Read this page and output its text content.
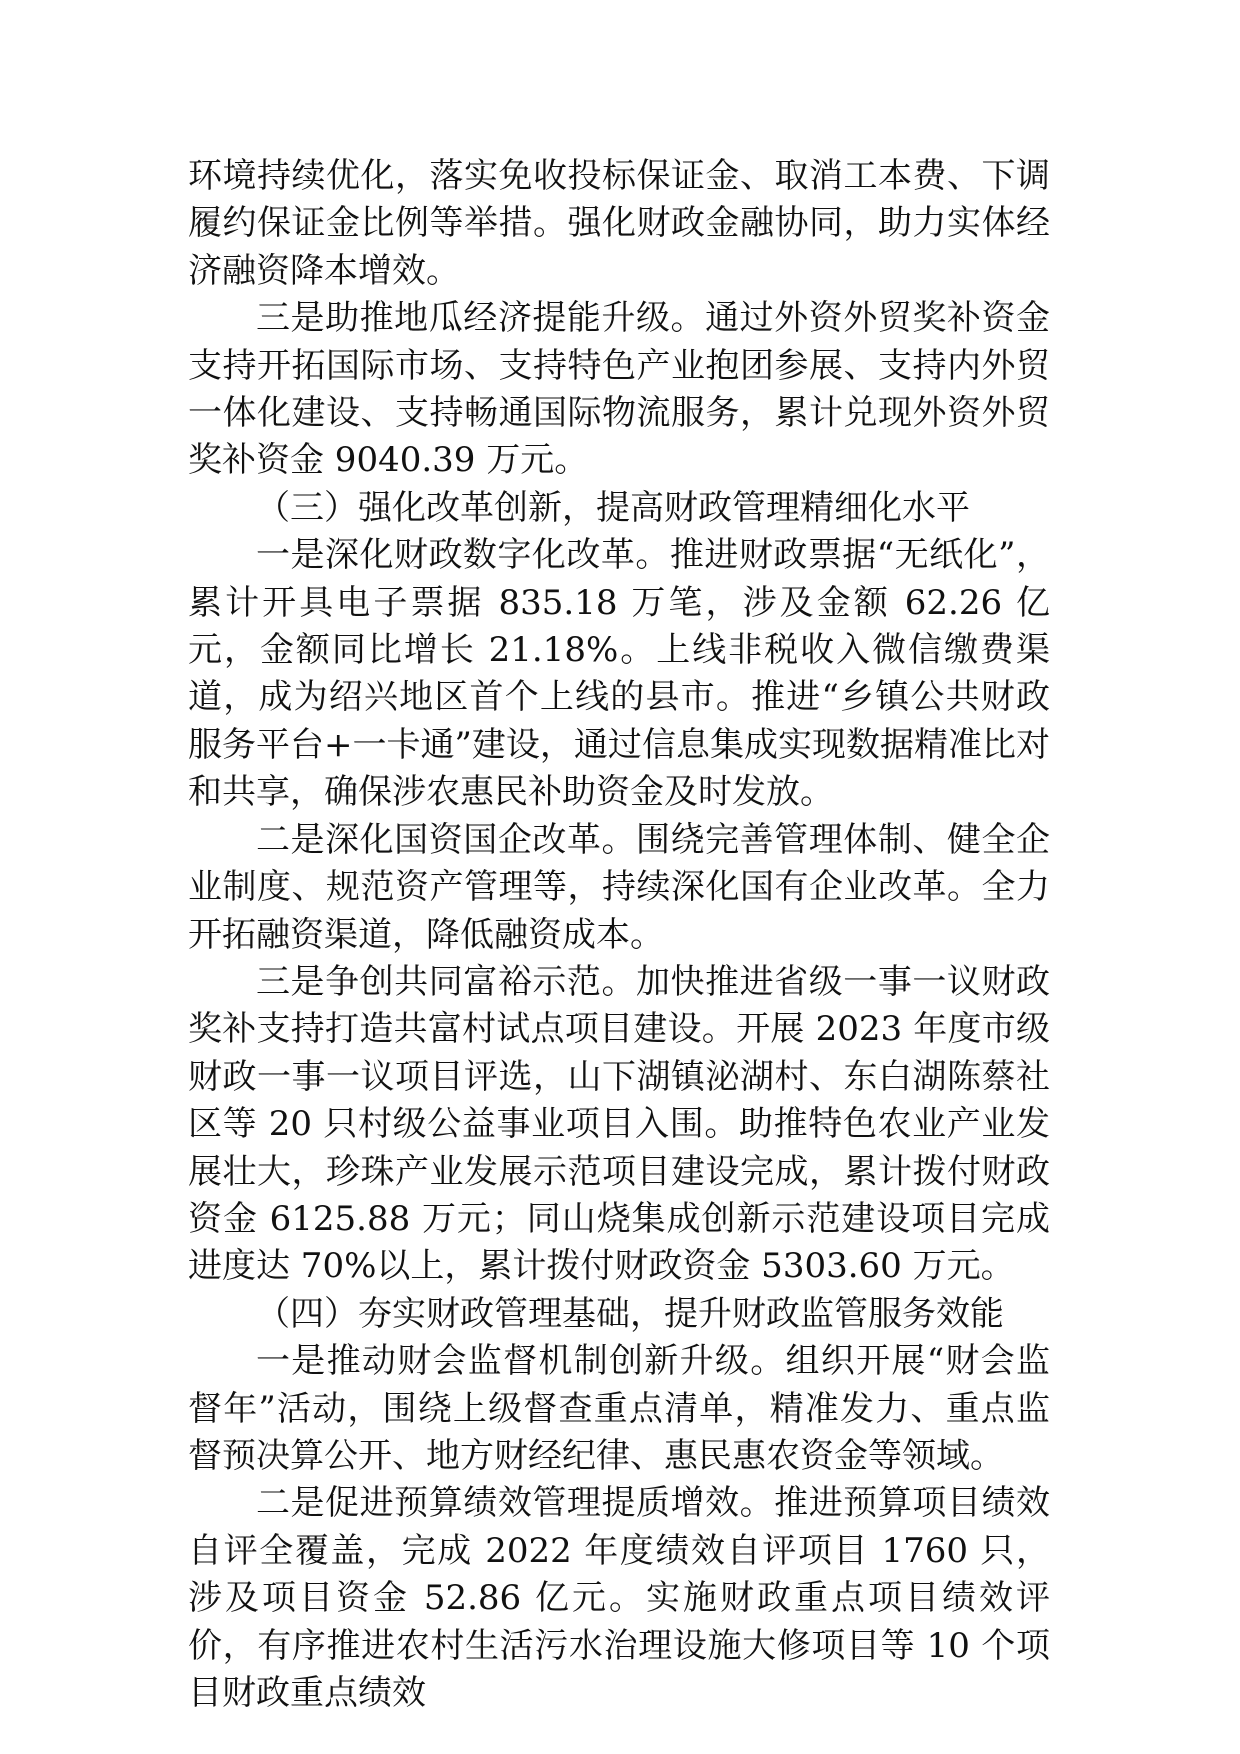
环境持续优化，落实免收投标保证金、取消工本费、下调履约保证金比例等举措。强化财政金融协同，助力实体经济融资降本增效。

三是助推地瓜经济提能升级。通过外资外贸奖补资金支持开拓国际市场、支持特色产业抱团参展、支持内外贸一体化建设、支持畅通国际物流服务，累计兑现外资外贸奖补资金 9040.39 万元。

（三）强化改革创新，提高财政管理精细化水平

一是深化财政数字化改革。推进财政票据“无纸化”，累计开具电子票据 835.18 万笔，涉及金额 62.26 亿元，金额同比增长 21.18%。上线非税收入微信缴费渠道，成为绍兴地区首个上线的县市。推进“乡镇公共财政服务平台+一卡通”建设，通过信息集成实现数据精准比对和共享，确保涉农惠民补助资金及时发放。

二是深化国资国企改革。围绕完善管理体制、健全企业制度、规范资产管理等，持续深化国有企业改革。全力开拓融资渠道，降低融资成本。

三是争创共同富裕示范。加快推进省级一事一议财政奖补支持打造共富村试点项目建设。开展 2023 年度市级财政一事一议项目评选，山下湖镇泌湖村、东白湖陈蔡社区等 20 只村级公益事业项目入围。助推特色农业产业发展壮大，珍珠产业发展示范项目建设完成，累计拨付财政资金 6125.88 万元；同山烧集成创新示范建设项目完成进度达 70%以上，累计拨付财政资金 5303.60 万元。

（四）夯实财政管理基础，提升财政监管服务效能

一是推动财会监督机制创新升级。组织开展“财会监督年”活动，围绕上级督查重点清单，精准发力、重点监督预决算公开、地方财经纪律、惠民惠农资金等领域。

二是促进预算绩效管理提质增效。推进预算项目绩效自评全覆盖，完成 2022 年度绩效自评项目 1760 只，涉及项目资金 52.86 亿元。实施财政重点项目绩效评价，有序推进农村生活污水治理设施大修项目等 10 个项目财政重点绩效
